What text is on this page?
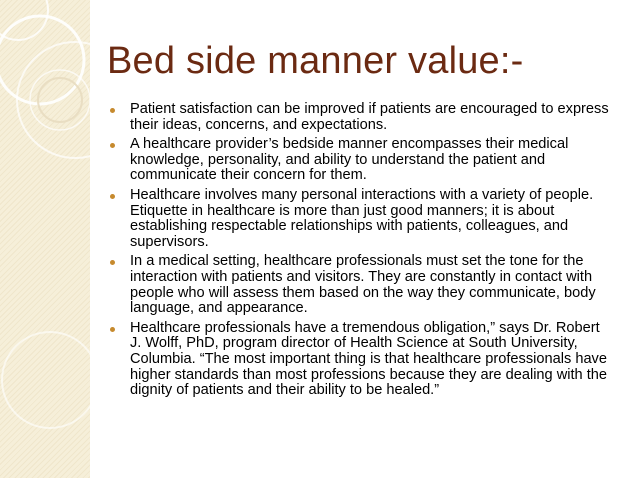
Bed side manner value:-
Patient satisfaction can be improved if patients are encouraged to express their ideas, concerns, and expectations.
A healthcare provider’s bedside manner encompasses their medical knowledge, personality, and ability to understand the patient and communicate their concern for them.
Healthcare involves many personal interactions with a variety of people. Etiquette in healthcare is more than just good manners; it is about establishing respectable relationships with patients, colleagues, and supervisors.
In a medical setting, healthcare professionals must set the tone for the interaction with patients and visitors. They are constantly in contact with people who will assess them based on the way they communicate, body language, and appearance.
Healthcare professionals have a tremendous obligation,” says Dr. Robert J. Wolff, PhD, program director of Health Science at South University, Columbia. “The most important thing is that healthcare professionals have higher standards than most professions because they are dealing with the dignity of patients and their ability to be healed.”
